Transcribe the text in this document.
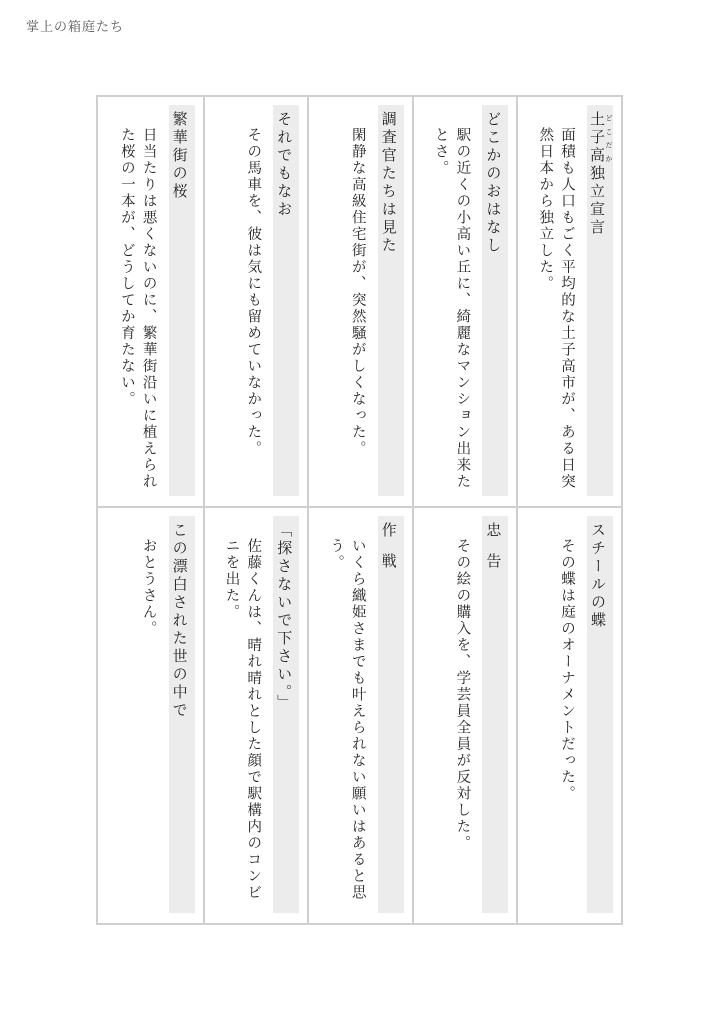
掌上の箱庭たち
繁華街の桜
日当たりは悪くないのに、繁華街沿いに植えられた桜の一本が、どうしてか育たない。	それでもなお
その馬車を、彼は気にも留めていなかった。	調査官たちは見た
閑静な高級住宅街が、突然騒がしくなった。	どこかのおはなし
駅の近くの小高い丘に、綺麗なマンション出来たとさ。	土子高 どこだか独立宣言
面積も人口もごく平均的な土子高市が、ある日突然日本から独立した。
この漂白された世の中で
おとうさん。	「探さないで下さい。」
佐藤くんは、晴れ晴れとした顔で駅構内のコンビニを出た。	作戦
いくら織姫さまでも叶えられない願いはあると思う。	忠告
その絵の購入を、学芸員全員が反対した。	スチールの蝶
その蝶は庭のオーナメントだった。
